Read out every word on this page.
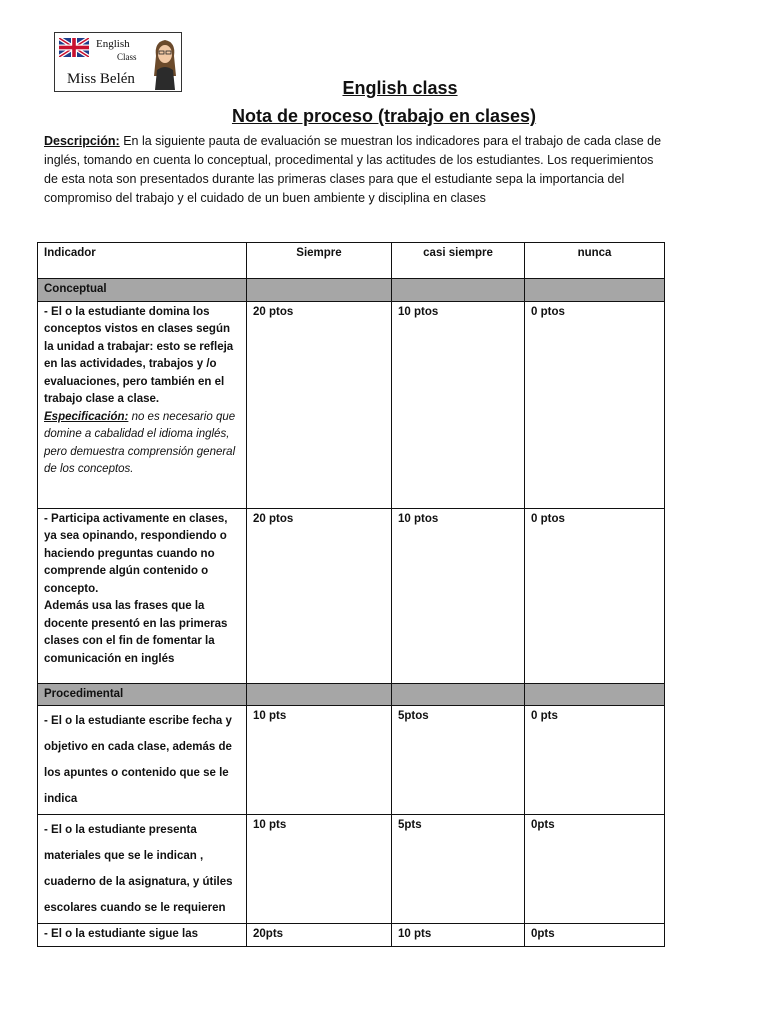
English
Class
Miss Belén	English class
Nota de proceso (trabajo en clases)
Descripción: En la siguiente pauta de evaluación se muestran los indicadores para el trabajo de cada clase de inglés, tomando en cuenta lo conceptual, procedimental y las actitudes de los estudiantes. Los requerimientos de esta nota son presentados durante las primeras clases para que el estudiante sepa la importancia del compromiso del trabajo y el cuidado de un buen ambiente y disciplina en clases
Indicador	Siempre	casi siempre	nunca
Conceptual			
- El o la estudiante domina los conceptos vistos en clases según la unidad a trabajar: esto se refleja en las actividades, trabajos y /o evaluaciones, pero también en el trabajo clase a clase.
Especificación: no es necesario que domine a cabalidad el idioma inglés, pero demuestra comprensión general de los conceptos.	20 ptos	10 ptos	0 ptos
- Participa activamente en clases, ya sea opinando, respondiendo o haciendo preguntas cuando no comprende algún contenido o concepto.
Además usa las frases que la docente presentó en las primeras clases con el fin de fomentar la comunicación en inglés	20 ptos	10 ptos	0 ptos
Procedimental			
- El o la estudiante escribe fecha y objetivo en cada clase, además de los apuntes o contenido que se le indica	10 pts	5ptos	0 pts
- El o la estudiante presenta materiales que se le indican , cuaderno de la asignatura, y útiles escolares cuando se le requieren	10 pts	5pts	0pts
- El o la estudiante sigue las	20pts	10 pts	0pts
